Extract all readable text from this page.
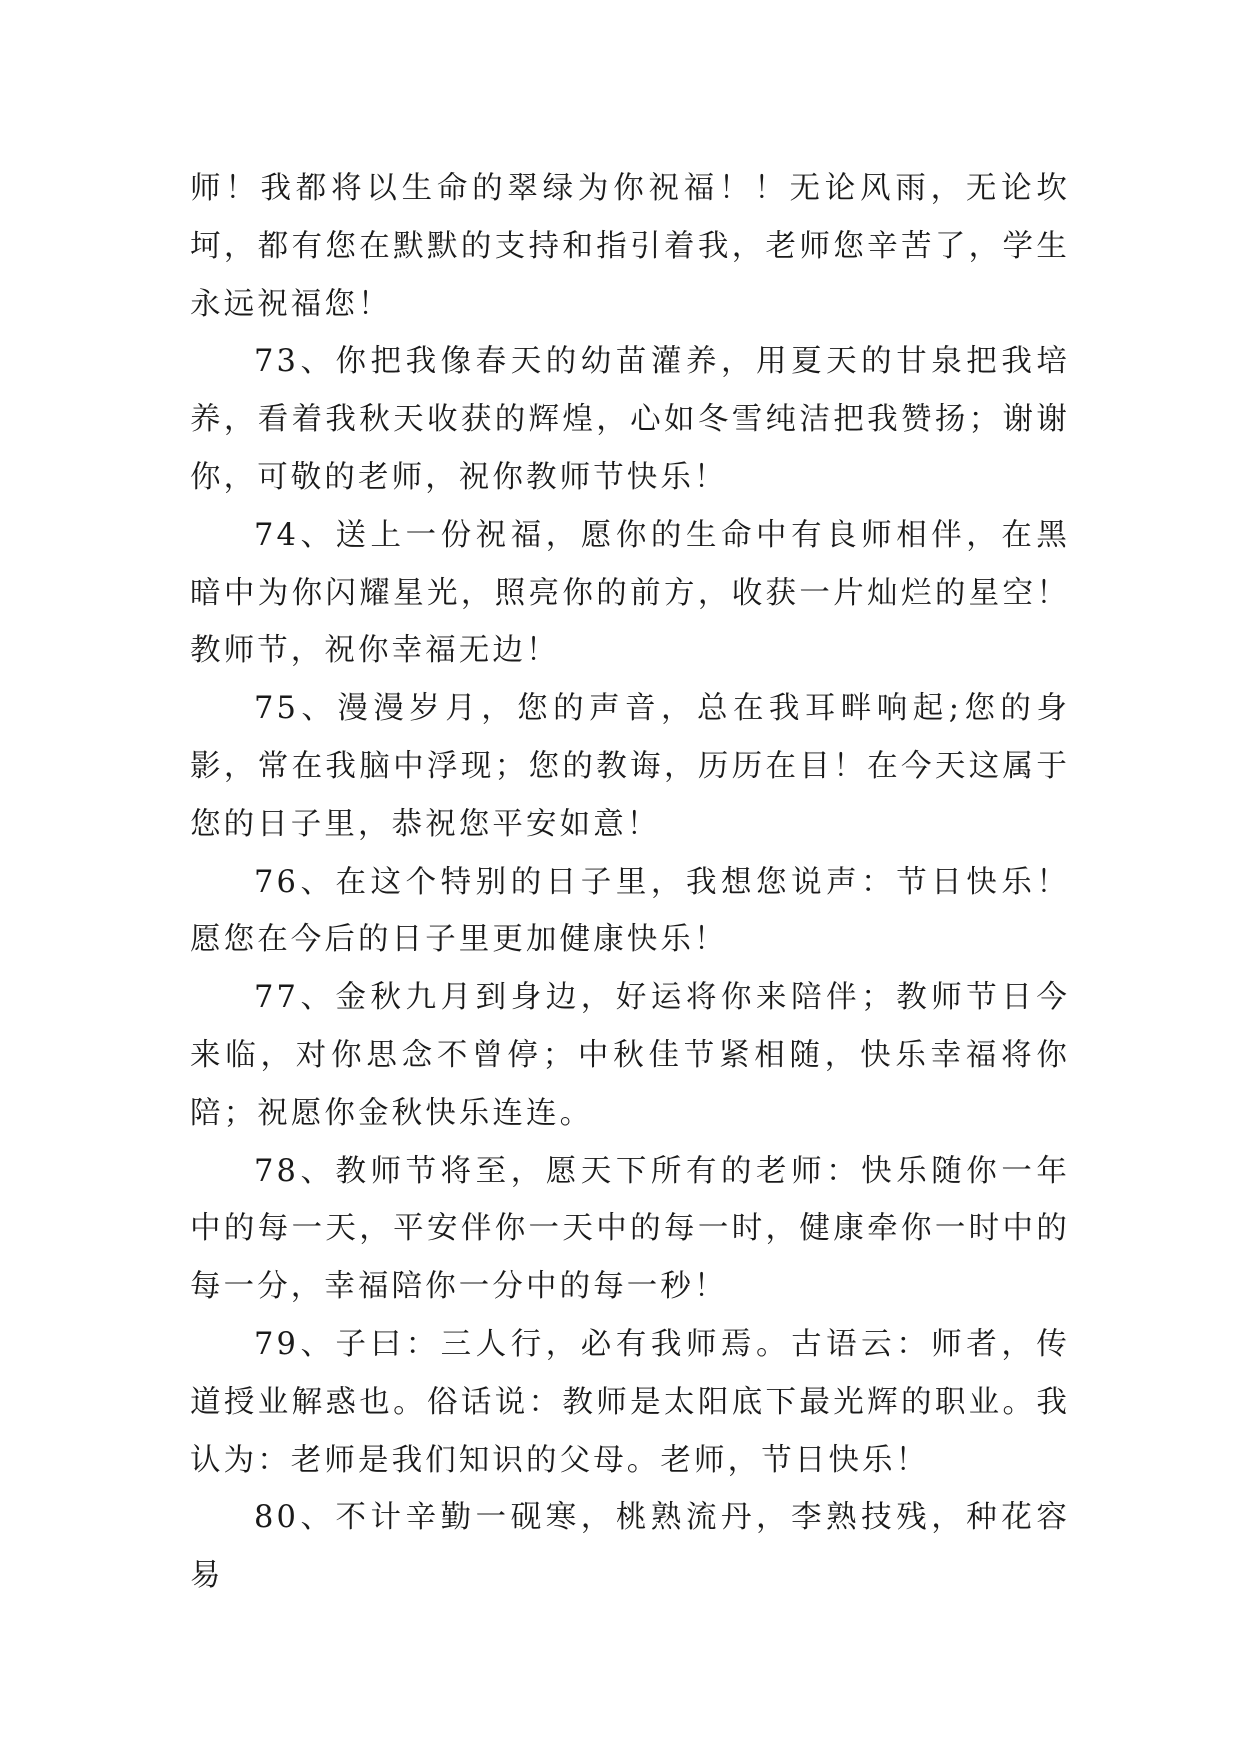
师！我都将以生命的翠绿为你祝福！！无论风雨，无论坎坷，都有您在默默的支持和指引着我，老师您辛苦了，学生永远祝福您！

73、你把我像春天的幼苗灌养，用夏天的甘泉把我培养，看着我秋天收获的辉煌，心如冬雪纯洁把我赞扬；谢谢你，可敬的老师，祝你教师节快乐！

74、送上一份祝福，愿你的生命中有良师相伴，在黑暗中为你闪耀星光，照亮你的前方，收获一片灿烂的星空！教师节，祝你幸福无边！

75、漫漫岁月，您的声音，总在我耳畔响起;您的身影，常在我脑中浮现；您的教诲，历历在目！在今天这属于您的日子里，恭祝您平安如意！

76、在这个特别的日子里，我想您说声：节日快乐！愿您在今后的日子里更加健康快乐！

77、金秋九月到身边，好运将你来陪伴；教师节日今来临，对你思念不曾停；中秋佳节紧相随，快乐幸福将你陪；祝愿你金秋快乐连连。

78、教师节将至，愿天下所有的老师：快乐随你一年中的每一天，平安伴你一天中的每一时，健康牵你一时中的每一分，幸福陪你一分中的每一秒！

79、子曰：三人行，必有我师焉。古语云：师者，传道授业解惑也。俗话说：教师是太阳底下最光辉的职业。我认为：老师是我们知识的父母。老师，节日快乐！

80、不计辛勤一砚寒，桃熟流丹，李熟技残，种花容易
